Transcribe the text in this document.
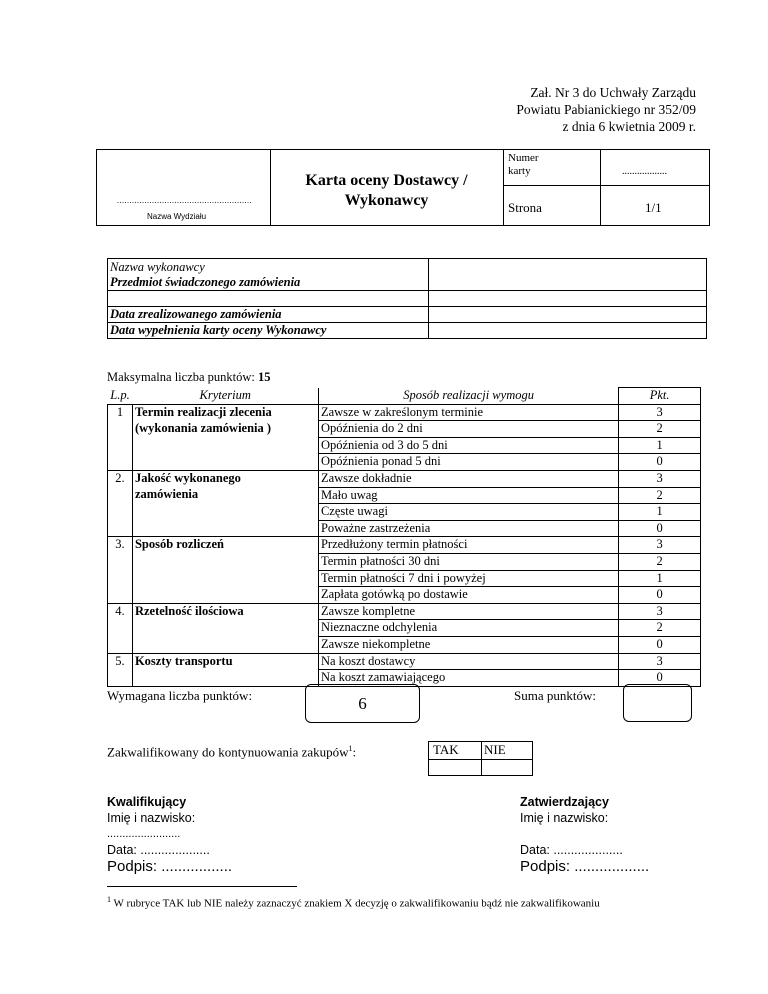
Zał. Nr 3 do Uchwały Zarządu
Powiatu Pabianickiego nr 352/09
z dnia 6 kwietnia 2009 r.
......................................................
Nazwa Wydziału
Karta oceny Dostawcy /
Wykonawcy
Numer
karty	..................
Strona	1/1
Nazwa wykonawcy
Przedmiot świadczonego zamówienia	

Data zrealizowanego zamówienia	
Data wypełnienia karty oceny Wykonawcy	
Maksymalna liczba punktów: 15
L.p.	Kryterium	Sposób realizacji wymogu	Pkt.
1	Termin realizacji zlecenia	Zawsze w zakreślonym terminie	3
	(wykonania zamówienia )	Opóźnienia do 2 dni	2
		Opóźnienia od 3 do 5 dni	1
		Opóźnienia ponad 5 dni	0
2.	Jakość wykonanego	Zawsze dokładnie	3
	zamówienia	Mało uwag	2
		Częste uwagi	1
		Poważne zastrzeżenia	0
3.	Sposób rozliczeń	Przedłużony termin płatności	3
		Termin płatności 30 dni	2
		Termin płatności 7 dni i powyżej	1
		Zapłata gotówką po dostawie	0
4.	Rzetelność ilościowa	Zawsze kompletne	3
		Nieznaczne odchylenia	2
		Zawsze niekompletne	0
5.	Koszty transportu	Na koszt dostawcy	3
		Na koszt zamawiającego	0
Wymagana liczba punktów:	6	Suma punktów:
Zakwalifikowany do kontynuowania zakupów$^1$:	TAK	NIE

Kwalifikujący
Imię i nazwisko:
........................
Data: ....................
Podpis: .................
Zatwierdzający
Imię i nazwisko:
Data: ....................
Podpis: ..................
$^1$ W rubryce TAK lub NIE należy zaznaczyć znakiem X decyzję o zakwalifikowaniu bądź nie zakwalifikowaniu
